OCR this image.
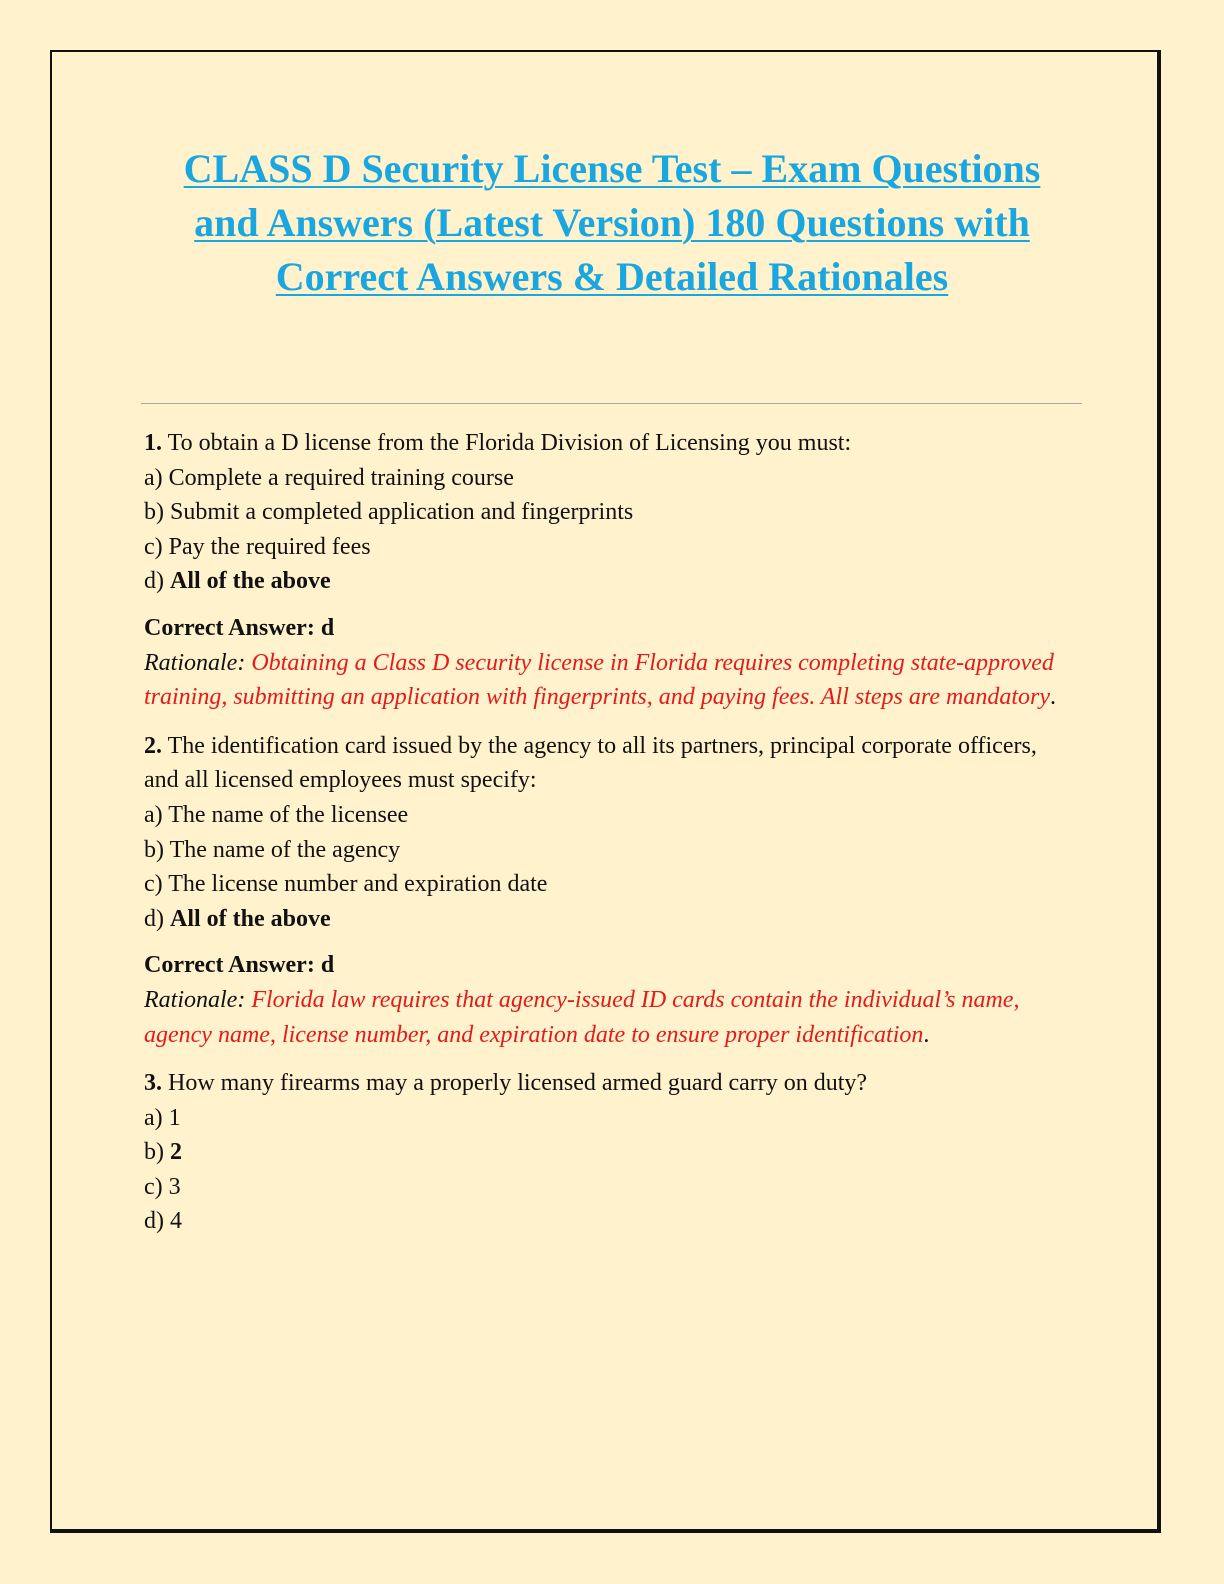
CLASS D Security License Test – Exam Questions and Answers (Latest Version) 180 Questions with Correct Answers & Detailed Rationales
1. To obtain a D license from the Florida Division of Licensing you must:
a) Complete a required training course
b) Submit a completed application and fingerprints
c) Pay the required fees
d) All of the above
Correct Answer: d
Rationale: Obtaining a Class D security license in Florida requires completing state-approved training, submitting an application with fingerprints, and paying fees. All steps are mandatory.
2. The identification card issued by the agency to all its partners, principal corporate officers, and all licensed employees must specify:
a) The name of the licensee
b) The name of the agency
c) The license number and expiration date
d) All of the above
Correct Answer: d
Rationale: Florida law requires that agency-issued ID cards contain the individual’s name, agency name, license number, and expiration date to ensure proper identification.
3. How many firearms may a properly licensed armed guard carry on duty?
a) 1
b) 2
c) 3
d) 4
